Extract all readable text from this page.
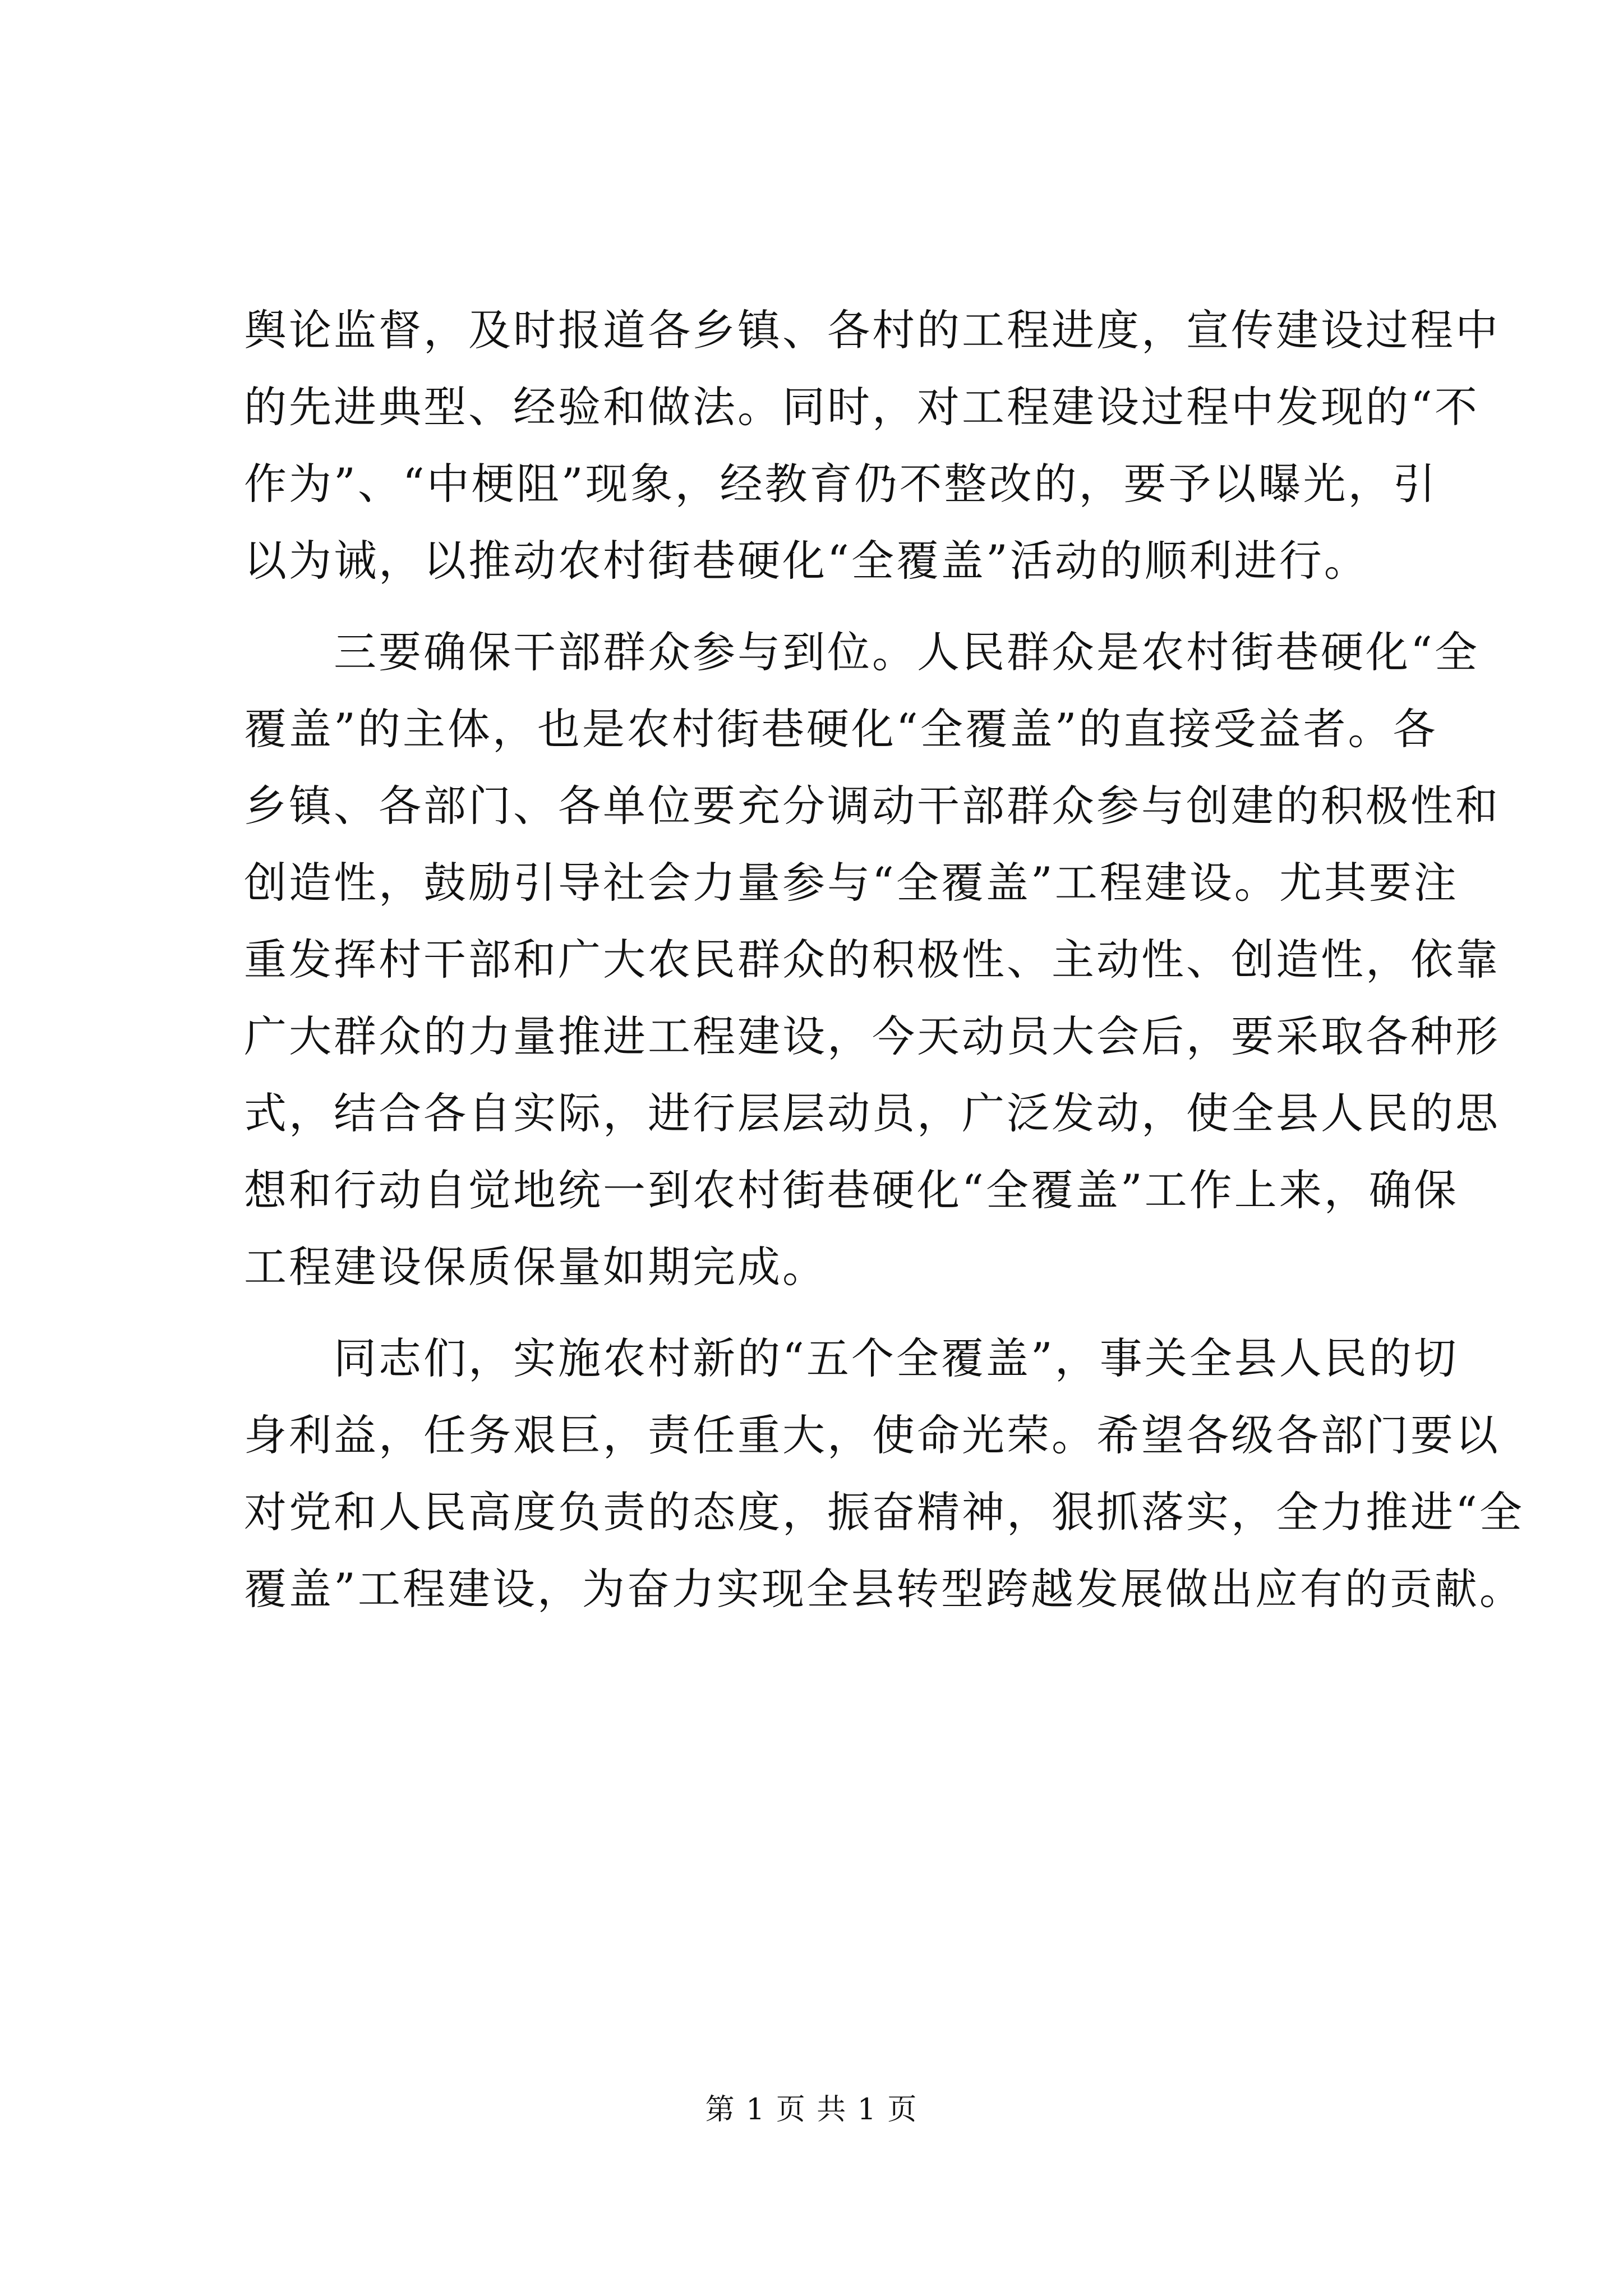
舆论监督，及时报道各乡镇、各村的工程进度，宣传建设过程中
的先进典型、经验和做法。同时，对工程建设过程中发现的“不
作为”、“中梗阻”现象，经教育仍不整改的，要予以曝光，引
以为诫，以推动农村街巷硬化“全覆盖”活动的顺利进行。
　　三要确保干部群众参与到位。人民群众是农村街巷硬化“全
覆盖”的主体，也是农村街巷硬化“全覆盖”的直接受益者。各
乡镇、各部门、各单位要充分调动干部群众参与创建的积极性和
创造性，鼓励引导社会力量参与“全覆盖”工程建设。尤其要注
重发挥村干部和广大农民群众的积极性、主动性、创造性，依靠
广大群众的力量推进工程建设，今天动员大会后，要采取各种形
式，结合各自实际，进行层层动员，广泛发动，使全县人民的思
想和行动自觉地统一到农村街巷硬化“全覆盖”工作上来，确保
工程建设保质保量如期完成。
　　同志们，实施农村新的“五个全覆盖”，事关全县人民的切
身利益，任务艰巨，责任重大，使命光荣。希望各级各部门要以
对党和人民高度负责的态度，振奋精神，狠抓落实，全力推进“全
覆盖”工程建设，为奋力实现全县转型跨越发展做出应有的贡献。
第 1 页 共 1 页
